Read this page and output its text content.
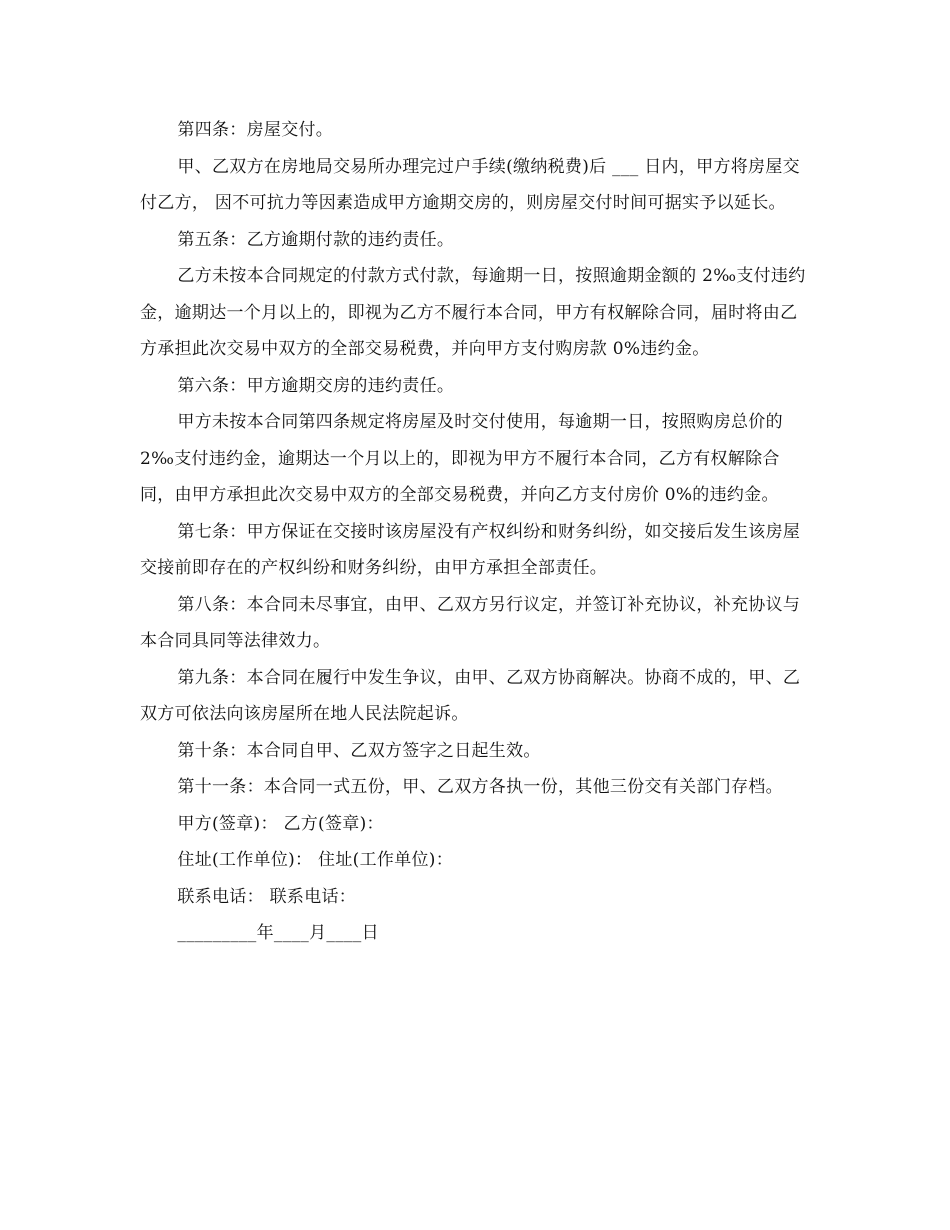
第四条：房屋交付。

甲、乙双方在房地局交易所办理完过户手续(缴纳税费)后 ___ 日内，甲方将房屋交付乙方， 因不可抗力等因素造成甲方逾期交房的，则房屋交付时间可据实予以延长。

第五条：乙方逾期付款的违约责任。

乙方未按本合同规定的付款方式付款，每逾期一日，按照逾期金额的 2‰支付违约金，逾期达一个月以上的，即视为乙方不履行本合同，甲方有权解除合同，届时将由乙方承担此次交易中双方的全部交易税费，并向甲方支付购房款 0%违约金。

第六条：甲方逾期交房的违约责任。

甲方未按本合同第四条规定将房屋及时交付使用，每逾期一日，按照购房总价的 2‰支付违约金，逾期达一个月以上的，即视为甲方不履行本合同，乙方有权解除合同，由甲方承担此次交易中双方的全部交易税费，并向乙方支付房价 0%的违约金。

第七条：甲方保证在交接时该房屋没有产权纠纷和财务纠纷，如交接后发生该房屋交接前即存在的产权纠纷和财务纠纷，由甲方承担全部责任。

第八条：本合同未尽事宜，由甲、乙双方另行议定，并签订补充协议，补充协议与本合同具同等法律效力。

第九条：本合同在履行中发生争议，由甲、乙双方协商解决。协商不成的，甲、乙双方可依法向该房屋所在地人民法院起诉。

第十条：本合同自甲、乙双方签字之日起生效。

第十一条：本合同一式五份，甲、乙双方各执一份，其他三份交有关部门存档。

甲方(签章)： 乙方(签章)：

住址(工作单位)： 住址(工作单位)：

联系电话： 联系电话：

_________年____月____日
